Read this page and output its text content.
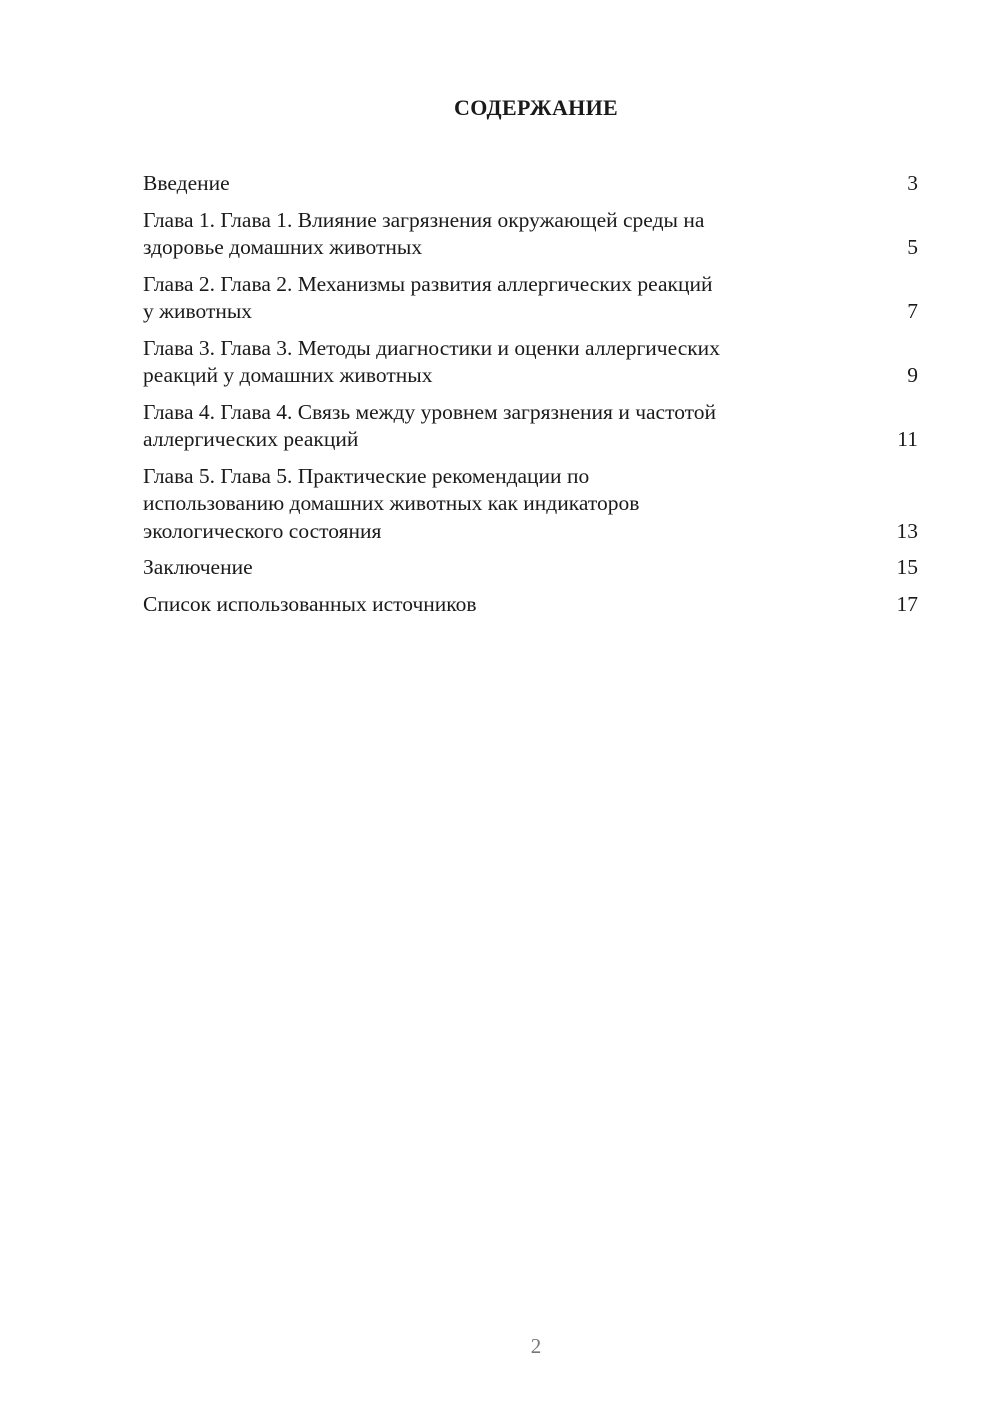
СОДЕРЖАНИЕ
Введение	3
Глава 1. Глава 1. Влияние загрязнения окружающей среды на
здоровье домашних животных	5
Глава 2. Глава 2. Механизмы развития аллергических реакций
у животных	7
Глава 3. Глава 3. Методы диагностики и оценки аллергических
реакций у домашних животных	9
Глава 4. Глава 4. Связь между уровнем загрязнения и частотой
аллергических реакций	11
Глава 5. Глава 5. Практические рекомендации по
использованию домашних животных как индикаторов
экологического состояния	13
Заключение	15
Список использованных источников	17
2
